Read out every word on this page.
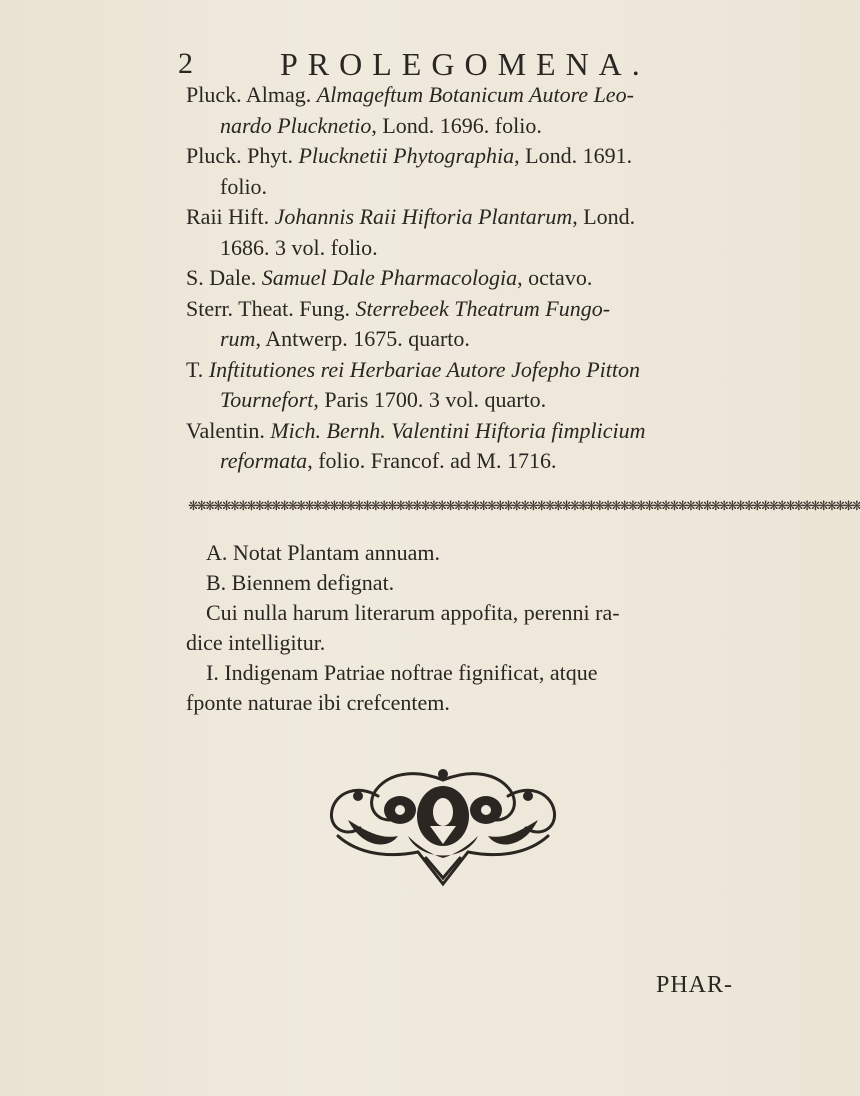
2	PROLEGOMENA.

Pluck. Almag. Almageftum Botanicum Autore Leo-
nardo Plucknetio, Lond. 1696. folio.

Pluck. Phyt. Plucknetii Phytographia, Lond. 1691.
folio.

Raii Hift. Johannis Raii Hiftoria Plantarum, Lond.
1686. 3 vol. folio.

S. Dale. Samuel Dale Pharmacologia, octavo.

Sterr. Theat. Fung. Sterrebeek Theatrum Fungo-
rum, Antwerp. 1675. quarto.

T. Inftitutiones rei Herbariae Autore Jofepho Pitton
Tournefort, Paris 1700. 3 vol. quarto.

Valentin. Mich. Bernh. Valentini Hiftoria fimplicium
reformata, folio. Francof. ad M. 1716.

❋❋❋❋❋❋❋❋❋❋❋❋❋❋❋❋❋❋❋❋❋❋❋❋❋❋❋❋❋❋❋❋❋❋❋❋❋❋❋❋❋❋❋❋❋❋❋❋❋❋❋❋❋❋❋❋❋❋❋❋❋❋❋❋❋❋❋❋❋❋❋❋❋❋❋❋❋❋❋❋❋

A. Notat Plantam annuam.

B. Biennem defignat.

Cui nulla harum literarum appofita, perenni ra-

dice intelligitur.

I. Indigenam Patriae noftrae fignificat, atque

fponte naturae ibi crefcentem.

PHAR-
